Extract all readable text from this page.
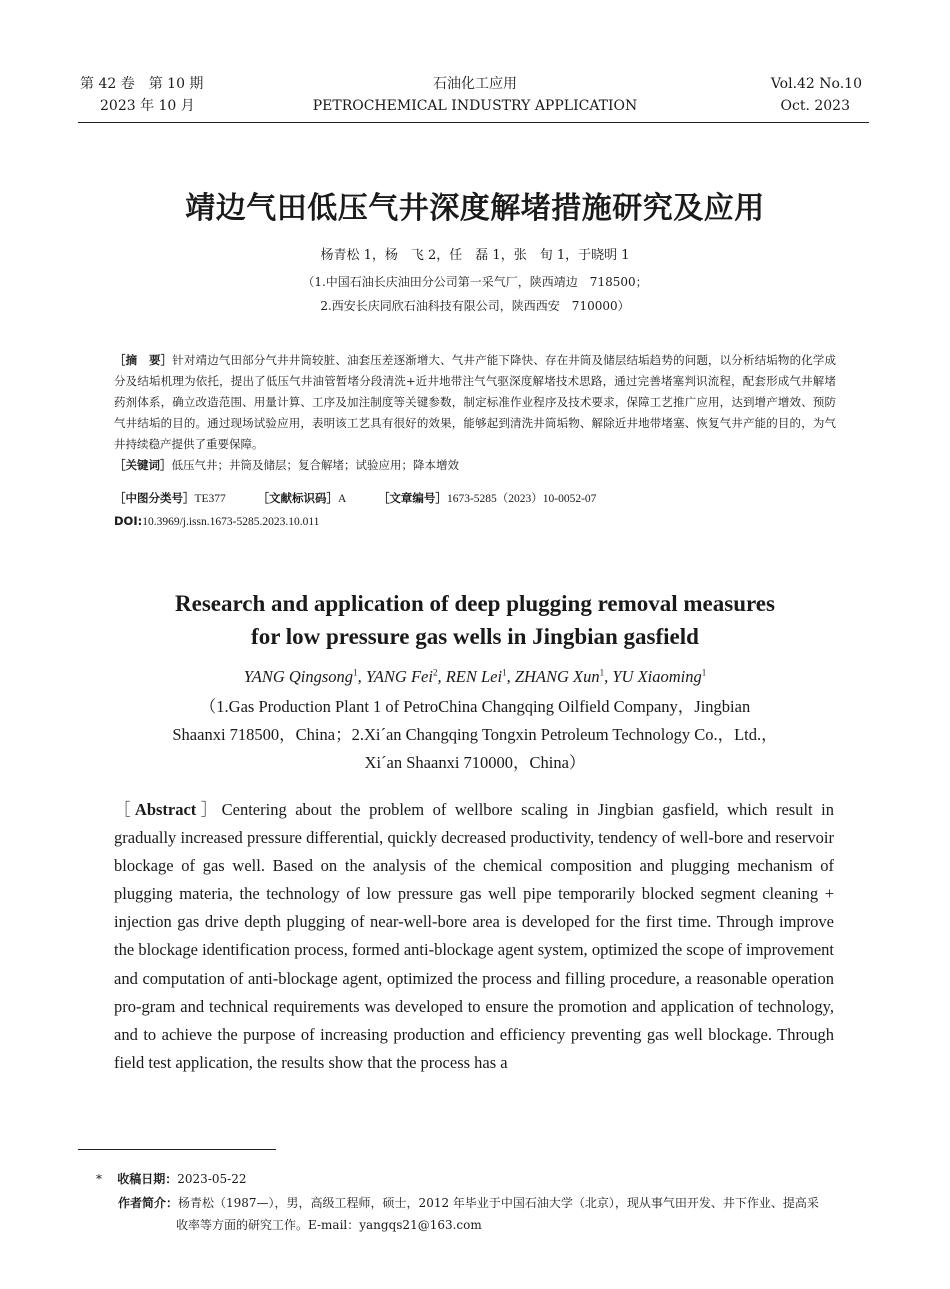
第 42 卷　第 10 期
2023 年 10 月
石油化工应用
PETROCHEMICAL INDUSTRY APPLICATION
Vol.42 No.10
Oct. 2023
靖边气田低压气井深度解堵措施研究及应用
杨青松 1，杨　飞 2，任　磊 1，张　旬 1，于晓明 1
（1.中国石油长庆油田分公司第一采气厂，陕西靖边　718500；
2.西安长庆同欣石油科技有限公司，陕西西安　710000）

［摘　要］针对靖边气田部分气井井筒较脏、油套压差逐渐增大、气井产能下降快、存在井筒及储层结垢趋势的问题，以分析结垢物的化学成分及结垢机理为依托，提出了低压气井油管暂堵分段清洗+近井地带注气气驱深度解堵技术思路，通过完善堵塞判识流程，配套形成气井解堵药剂体系，确立改造范围、用量计算、工序及加注制度等关键参数，制定标准作业程序及技术要求，保障工艺推广应用，达到增产增效、预防气井结垢的目的。通过现场试验应用，表明该工艺具有很好的效果，能够起到清洗井筒垢物、解除近井地带堵塞、恢复气井产能的目的，为气井持续稳产提供了重要保障。

［关键词］低压气井；井筒及储层；复合解堵；试验应用；降本增效

［中图分类号］TE377	［文献标识码］A	［文章编号］1673-5285（2023）10-0052-07
DOI:10.3969/j.issn.1673-5285.2023.10.011
Research and application of deep plugging removal measures
for low pressure gas wells in Jingbian gasfield
YANG Qingsong$^1$, YANG Fei$^2$, REN Lei$^1$, ZHANG Xun$^1$, YU Xiaoming$^1$
（1.Gas Production Plant 1 of PetroChina Changqing Oilfield Company，Jingbian
Shaanxi 718500，China；2.Xi´an Changqing Tongxin Petroleum Technology Co.，Ltd.，
Xi´an Shaanxi 710000，China）

［Abstract］Centering about the problem of wellbore scaling in Jingbian gasfield, which result in gradually increased pressure differential, quickly decreased productivity, tendency of well-bore and reservoir blockage of gas well. Based on the analysis of the chemical composition and plugging mechanism of plugging materia, the technology of low pressure gas well pipe temporarily blocked segment cleaning + injection gas drive depth plugging of near-well-bore area is developed for the first time. Through improve the blockage identification process, formed anti-blockage agent system, optimized the scope of improvement and computation of anti-blockage agent, optimized the process and filling procedure, a reasonable operation pro-gram and technical requirements was developed to ensure the promotion and application of technology, and to achieve the purpose of increasing production and efficiency preventing gas well blockage. Through field test application, the results show that the process has a

* 收稿日期：2023-05-22
作者简介：杨青松（1987—），男，高级工程师，硕士，2012 年毕业于中国石油大学（北京），现从事气田开发、井下作业、提高采
收率等方面的研究工作。E-mail：yangqs21@163.com
